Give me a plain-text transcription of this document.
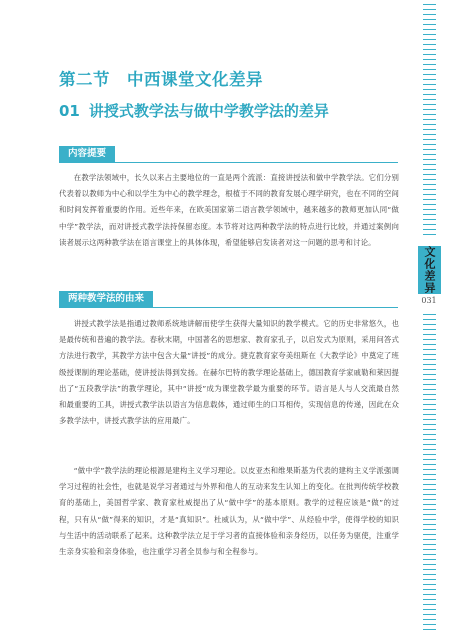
文化差异
031
第二节　中西课堂文化差异
01 讲授式教学法与做中学教学法的差异
内容提要

在教学法领域中，长久以来占主要地位的一直是两个流派：直接讲授法和做中学教学法。它们分别代表着以教师为中心和以学生为中心的教学理念，根植于不同的教育发展心理学研究，也在不同的空间和时间发挥着重要的作用。近些年来，在欧美国家第二语言教学领域中，越来越多的教师更加认同“做中学”教学法，而对讲授式教学法持保留态度。本节将对这两种教学法的特点进行比较，并通过案例向读者展示这两种教学法在语言课堂上的具体体现，希望能够启发读者对这一问题的思考和讨论。

两种教学法的由来

讲授式教学法是指通过教师系统地讲解而使学生获得大量知识的教学模式。它的历史非常悠久，也是最传统和普遍的教学法。春秋末期，中国著名的思想家、教育家孔子，以启发式为原则，采用问答式方法进行教学，其教学方法中包含大量“讲授”的成分。捷克教育家夸美纽斯在《大教学论》中奠定了班级授课制的理论基础，使讲授法得到发扬。在赫尔巴特的教学理论基础上，德国教育学家戚勒和莱因提出了“五段教学法”的教学理论，其中“讲授”成为课堂教学最为重要的环节。语言是人与人交流最自然和最重要的工具，讲授式教学法以语言为信息载体，通过师生的口耳相传，实现信息的传递，因此在众多教学法中，讲授式教学法的应用最广。

“做中学”教学法的理论根源是建构主义学习理论。以皮亚杰和维果斯基为代表的建构主义学派强调学习过程的社会性，也就是说学习者通过与外界和他人的互动来发生认知上的变化。在批判传统学校教育的基础上，美国哲学家、教育家杜威提出了从“做中学”的基本原则。教学的过程应该是“做”的过程，只有从“做”得来的知识，才是“真知识”。杜威认为，从“做中学”、从经验中学，使得学校的知识与生活中的活动联系了起来。这种教学法立足于学习者的直接体验和亲身经历，以任务为驱使，注重学生亲身实验和亲身体验，也注重学习者全员参与和全程参与。
